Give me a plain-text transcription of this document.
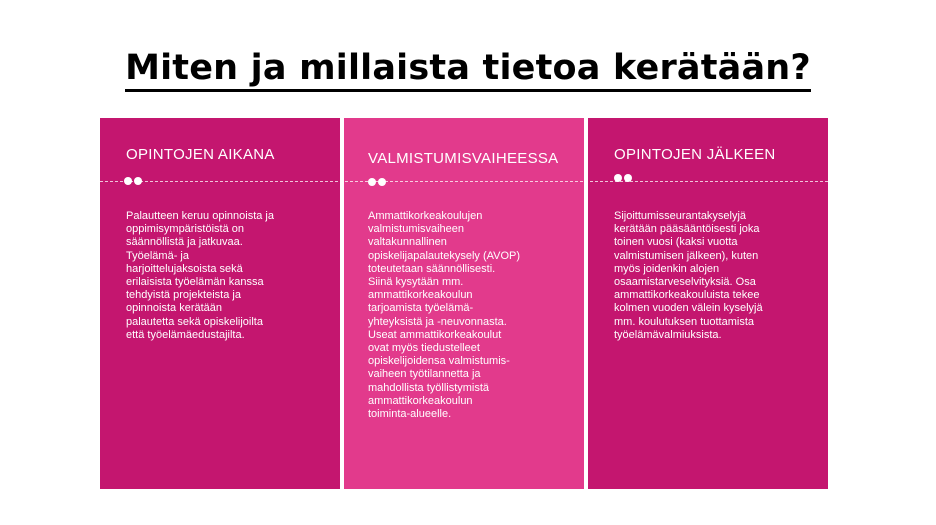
Miten ja millaista tietoa kerätään?
OPINTOJEN AIKANA
Palautteen keruu opinnoista ja
oppimisympäristöistä on
säännöllistä ja jatkuvaa.
Työelämä- ja
harjoittelujaksoista sekä
erilaisista työelämän kanssa
tehdyistä projekteista ja
opinnoista kerätään
palautetta sekä opiskelijoilta
että työelämäedustajilta.
VALMISTUMISVAIHEESSA
Ammattikorkeakoulujen
valmistumisvaiheen
valtakunnallinen
opiskelijapalautekysely (AVOP)
toteutetaan säännöllisesti.
Siinä kysytään mm.
ammattikorkeakoulun
tarjoamista työelämä-
yhteyksistä ja -neuvonnasta.
Useat ammattikorkeakoulut
ovat myös tiedustelleet
opiskelijoidensa valmistumis-
vaiheen työtilannetta ja
mahdollista työllistymistä
ammattikorkeakoulun
toiminta-alueelle.
OPINTOJEN JÄLKEEN
Sijoittumisseurantakyselyjä
kerätään pääsääntöisesti joka
toinen vuosi (kaksi vuotta
valmistumisen jälkeen), kuten
myös joidenkin alojen
osaamistarveselvityksiä. Osa
ammattikorkeakouluista tekee
kolmen vuoden välein kyselyjä
mm. koulutuksen tuottamista
työelämävalmiuksista.
